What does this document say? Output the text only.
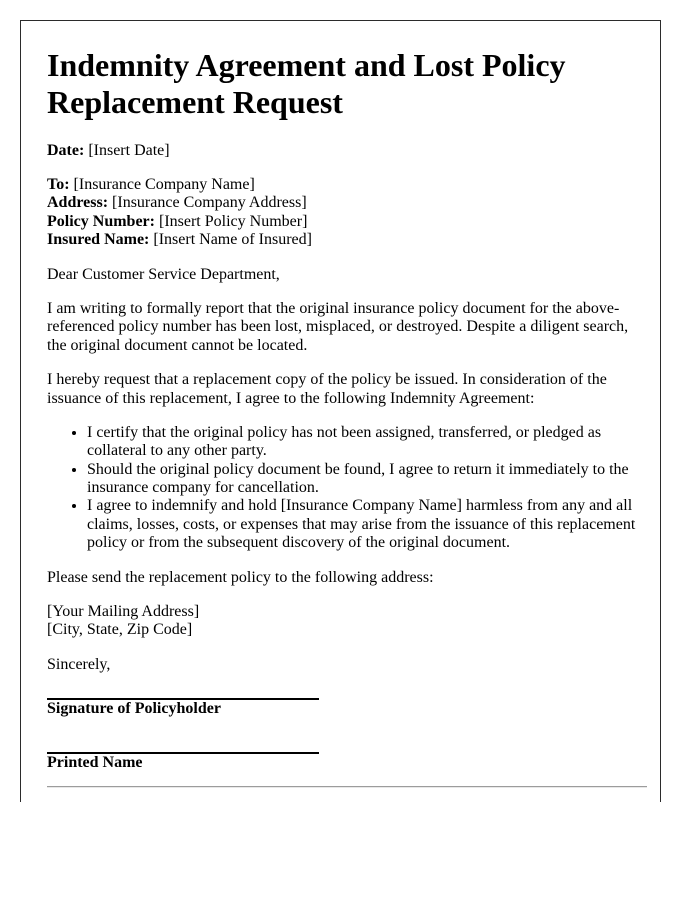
Indemnity Agreement and Lost Policy Replacement Request

Date: [Insert Date]

To: [Insurance Company Name]
Address: [Insurance Company Address]
Policy Number: [Insert Policy Number]
Insured Name: [Insert Name of Insured]

Dear Customer Service Department,

I am writing to formally report that the original insurance policy document for the above-referenced policy number has been lost, misplaced, or destroyed. Despite a diligent search, the original document cannot be located.

I hereby request that a replacement copy of the policy be issued. In consideration of the issuance of this replacement, I agree to the following Indemnity Agreement:

• I certify that the original policy has not been assigned, transferred, or pledged as collateral to any other party.
• Should the original policy document be found, I agree to return it immediately to the insurance company for cancellation.
• I agree to indemnify and hold [Insurance Company Name] harmless from any and all claims, losses, costs, or expenses that may arise from the issuance of this replacement policy or from the subsequent discovery of the original document.

Please send the replacement policy to the following address:

[Your Mailing Address]
[City, State, Zip Code]

Sincerely,

Signature of Policyholder

Printed Name
